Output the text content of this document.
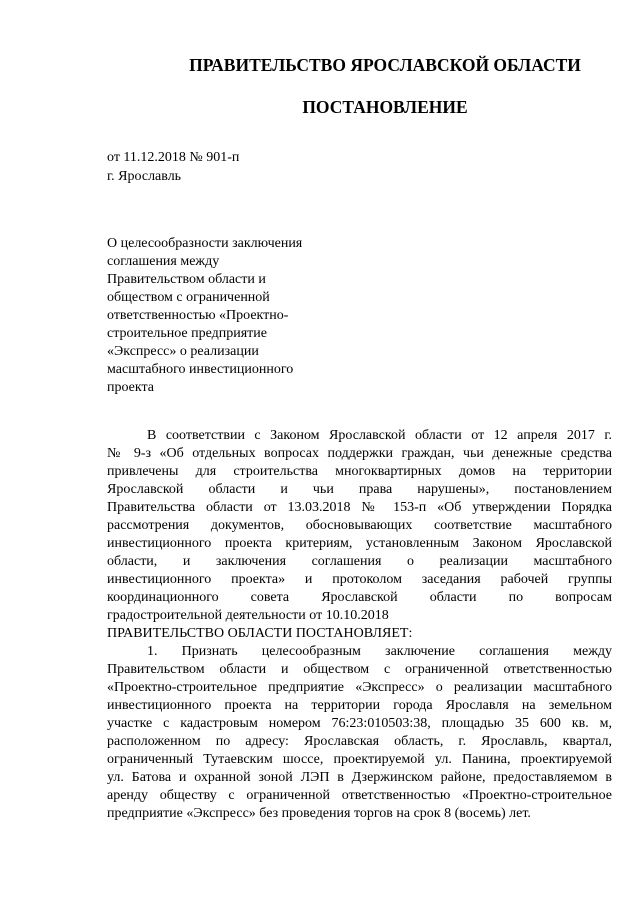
ПРАВИТЕЛЬСТВО ЯРОСЛАВСКОЙ ОБЛАСТИ
ПОСТАНОВЛЕНИЕ
от 11.12.2018 № 901-п
г. Ярославль
О целесообразности заключения
соглашения между
Правительством области и
обществом с ограниченной
ответственностью «Проектно-
строительное предприятие
«Экспресс» о реализации
масштабного инвестиционного
проекта
В соответствии с Законом Ярославской области от 12 апреля 2017 г.
№ 9-з «Об отдельных вопросах поддержки граждан, чьи денежные средства
привлечены для строительства многоквартирных домов на территории
Ярославской области и чьи права нарушены», постановлением
Правительства области от 13.03.2018 № 153-п «Об утверждении Порядка
рассмотрения документов, обосновывающих соответствие масштабного
инвестиционного проекта критериям, установленным Законом Ярославской
области, и заключения соглашения о реализации масштабного
инвестиционного проекта» и протоколом заседания рабочей группы
координационного совета Ярославской области по вопросам
градостроительной деятельности от 10.10.2018
ПРАВИТЕЛЬСТВО ОБЛАСТИ ПОСТАНОВЛЯЕТ:
1. Признать целесообразным заключение соглашения между
Правительством области и обществом с ограниченной ответственностью
«Проектно-строительное предприятие «Экспресс» о реализации масштабного
инвестиционного проекта на территории города Ярославля на земельном
участке с кадастровым номером 76:23:010503:38, площадью 35 600 кв. м,
расположенном по адресу: Ярославская область, г. Ярославль, квартал,
ограниченный Тутаевским шоссе, проектируемой ул. Панина, проектируемой
ул. Батова и охранной зоной ЛЭП в Дзержинском районе, предоставляемом в
аренду обществу с ограниченной ответственностью «Проектно-строительное
предприятие «Экспресс» без проведения торгов на срок 8 (восемь) лет.
